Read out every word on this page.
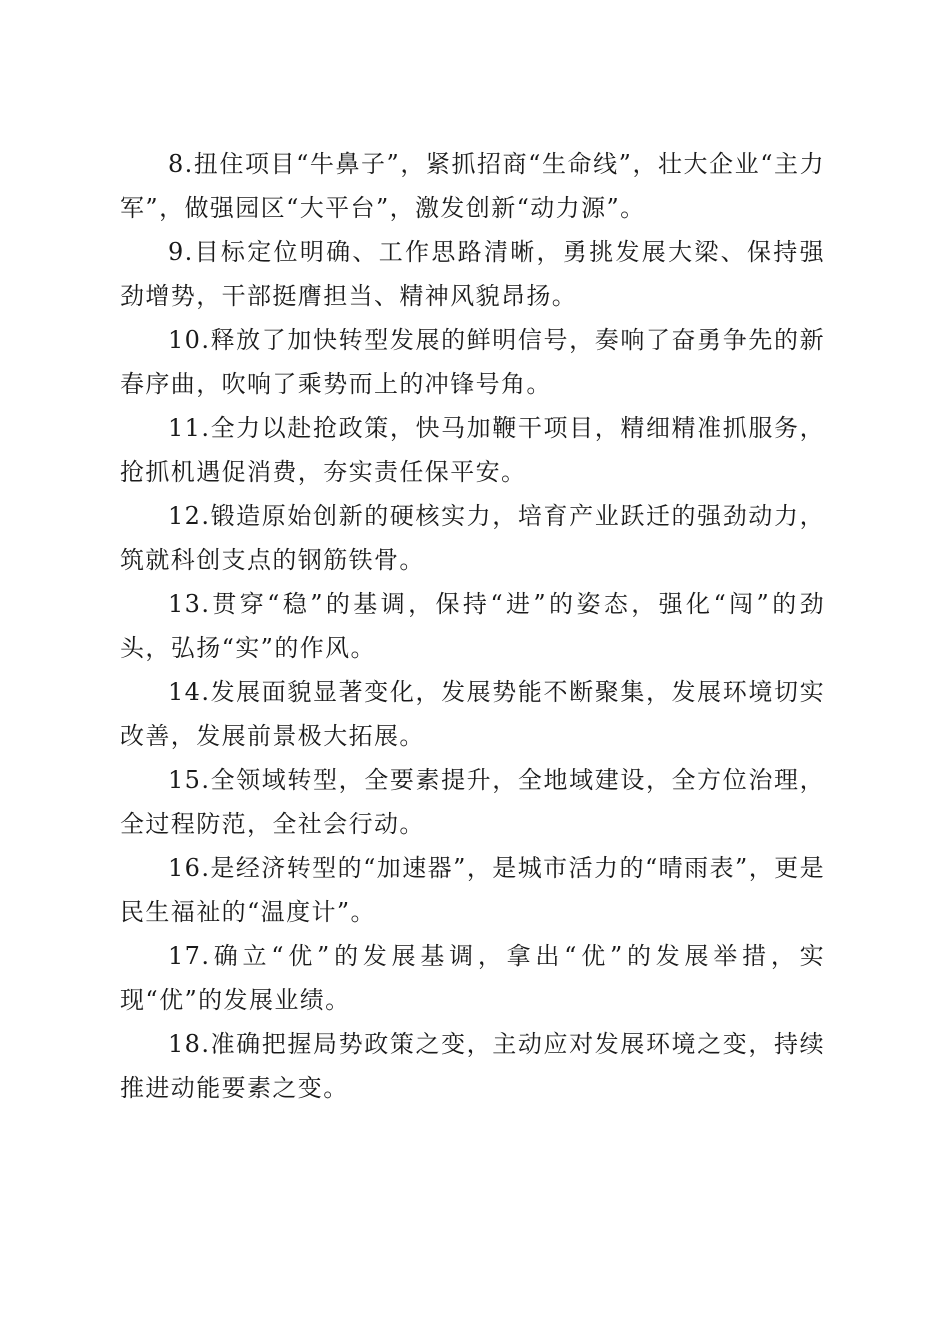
8.扭住项目“牛鼻子”，紧抓招商“生命线”，壮大企业“主力军”，做强园区“大平台”，激发创新“动力源”。

9.目标定位明确、工作思路清晰，勇挑发展大梁、保持强劲增势，干部挺膺担当、精神风貌昂扬。

10.释放了加快转型发展的鲜明信号，奏响了奋勇争先的新春序曲，吹响了乘势而上的冲锋号角。

11.全力以赴抢政策，快马加鞭干项目，精细精准抓服务，抢抓机遇促消费，夯实责任保平安。

12.锻造原始创新的硬核实力，培育产业跃迁的强劲动力，筑就科创支点的钢筋铁骨。

13.贯穿“稳”的基调，保持“进”的姿态，强化“闯”的劲头，弘扬“实”的作风。

14.发展面貌显著变化，发展势能不断聚集，发展环境切实改善，发展前景极大拓展。

15.全领域转型，全要素提升，全地域建设，全方位治理，全过程防范，全社会行动。

16.是经济转型的“加速器”，是城市活力的“晴雨表”，更是民生福祉的“温度计”。

17.确立“优”的发展基调，拿出“优”的发展举措，实现“优”的发展业绩。

18.准确把握局势政策之变，主动应对发展环境之变，持续推进动能要素之变。
